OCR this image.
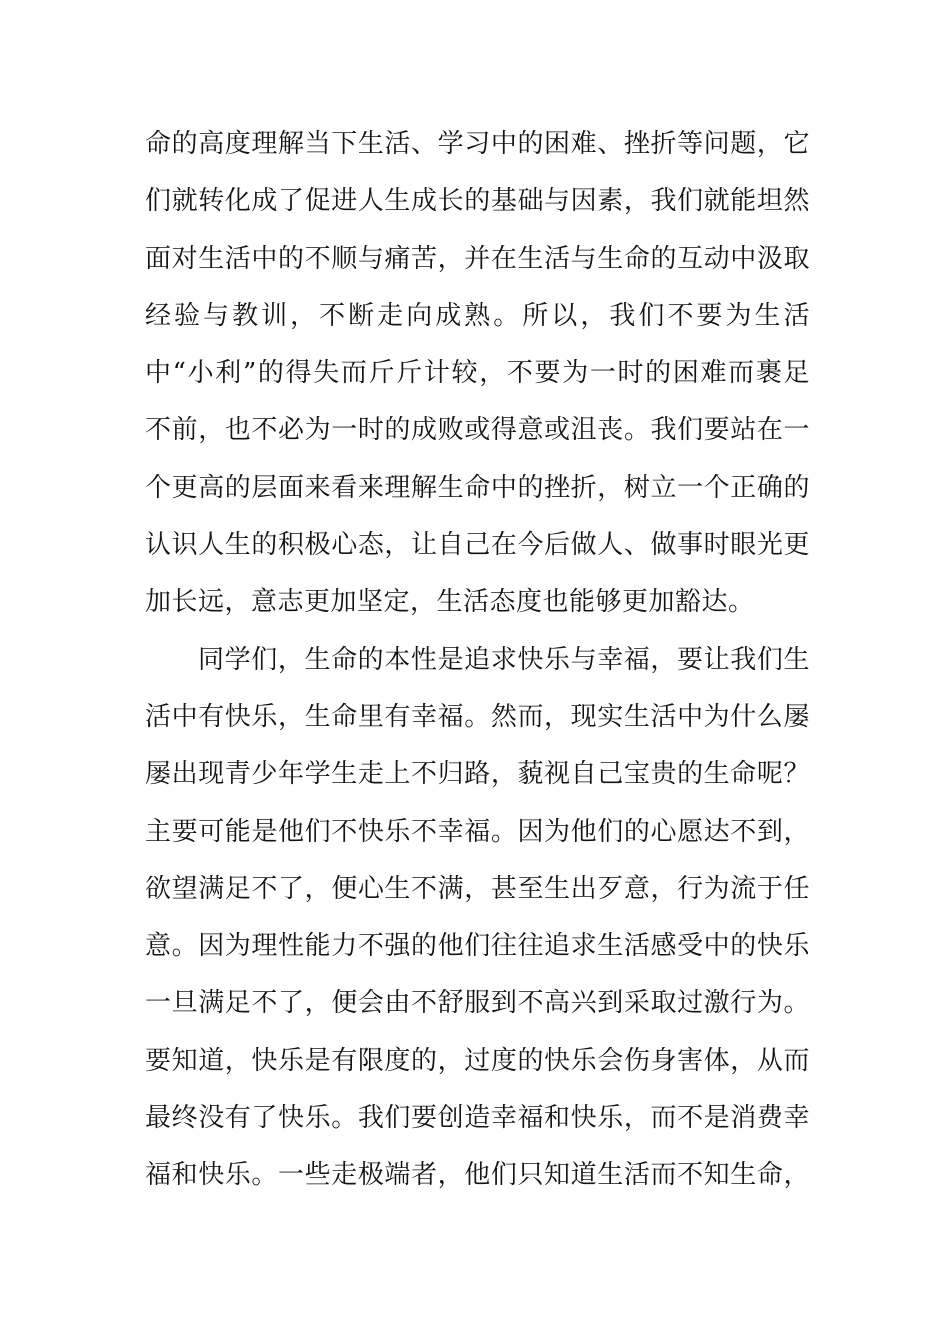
命的高度理解当下生活、学习中的困难、挫折等问题，它
们就转化成了促进人生成长的基础与因素，我们就能坦然
面对生活中的不顺与痛苦，并在生活与生命的互动中汲取
经验与教训，不断走向成熟。所以，我们不要为生活
中“小利”的得失而斤斤计较，不要为一时的困难而裹足
不前，也不必为一时的成败或得意或沮丧。我们要站在一
个更高的层面来看来理解生命中的挫折，树立一个正确的
认识人生的积极心态，让自己在今后做人、做事时眼光更
加长远，意志更加坚定，生活态度也能够更加豁达。
同学们，生命的本性是追求快乐与幸福，要让我们生
活中有快乐，生命里有幸福。然而，现实生活中为什么屡
屡出现青少年学生走上不归路，藐视自己宝贵的生命呢？
主要可能是他们不快乐不幸福。因为他们的心愿达不到，
欲望满足不了，便心生不满，甚至生出歹意，行为流于任
意。因为理性能力不强的他们往往追求生活感受中的快乐
一旦满足不了，便会由不舒服到不高兴到采取过激行为。
要知道，快乐是有限度的，过度的快乐会伤身害体，从而
最终没有了快乐。我们要创造幸福和快乐，而不是消费幸
福和快乐。一些走极端者，他们只知道生活而不知生命，
